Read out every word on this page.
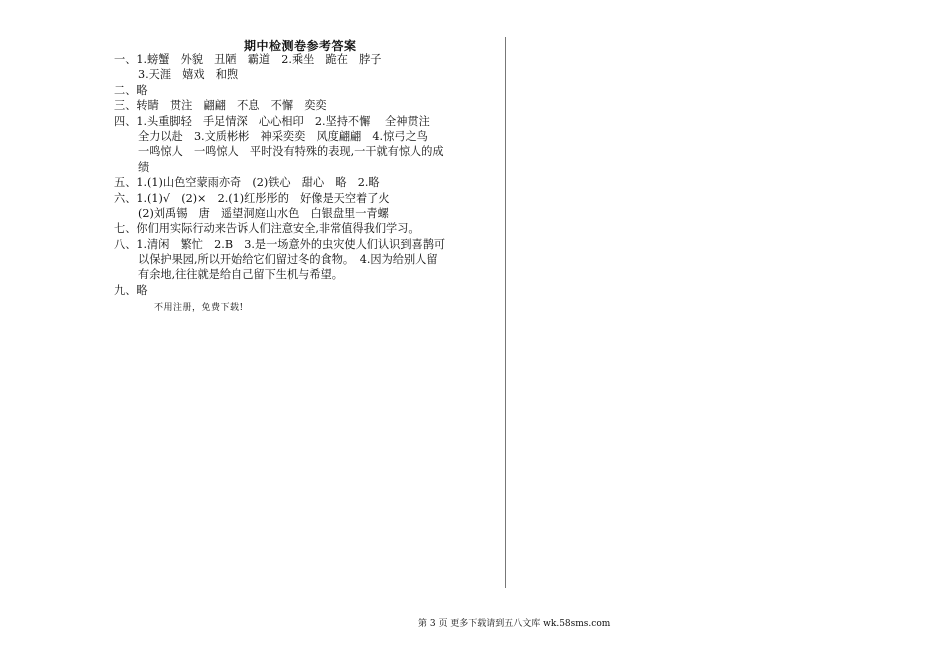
期中检测卷参考答案
一、1.螃蟹　外貌　丑陋　霸道　2.乘坐　跪在　脖子
3.天涯　嬉戏　和煦
二、略
三、转睛　贯注　翩翩　不息　不懈　奕奕
四、1.头重脚轻　手足情深　心心相印　2.坚持不懈　 全神贯注
全力以赴　3.文质彬彬　神采奕奕　风度翩翩　4.惊弓之鸟
一鸣惊人　一鸣惊人　平时没有特殊的表现,一干就有惊人的成
绩
五、1.(1)山色空蒙雨亦奇　(2)铁心　甜心　略　2.略
六、1.(1)√　(2)×　2.(1)红彤彤的　好像是天空着了火
(2)刘禹锡　唐　遥望洞庭山水色　白银盘里一青螺
七、你们用实际行动来告诉人们注意安全,非常值得我们学习。
八、1.清闲　繁忙　2.B　3.是一场意外的虫灾使人们认识到喜鹊可
以保护果园,所以开始给它们留过冬的食物。　4.因为给别人留
有余地,往往就是给自己留下生机与希望。
九、略
不用注册，免费下载!
第 3 页 更多下载请到五八文库 wk.58sms.com
